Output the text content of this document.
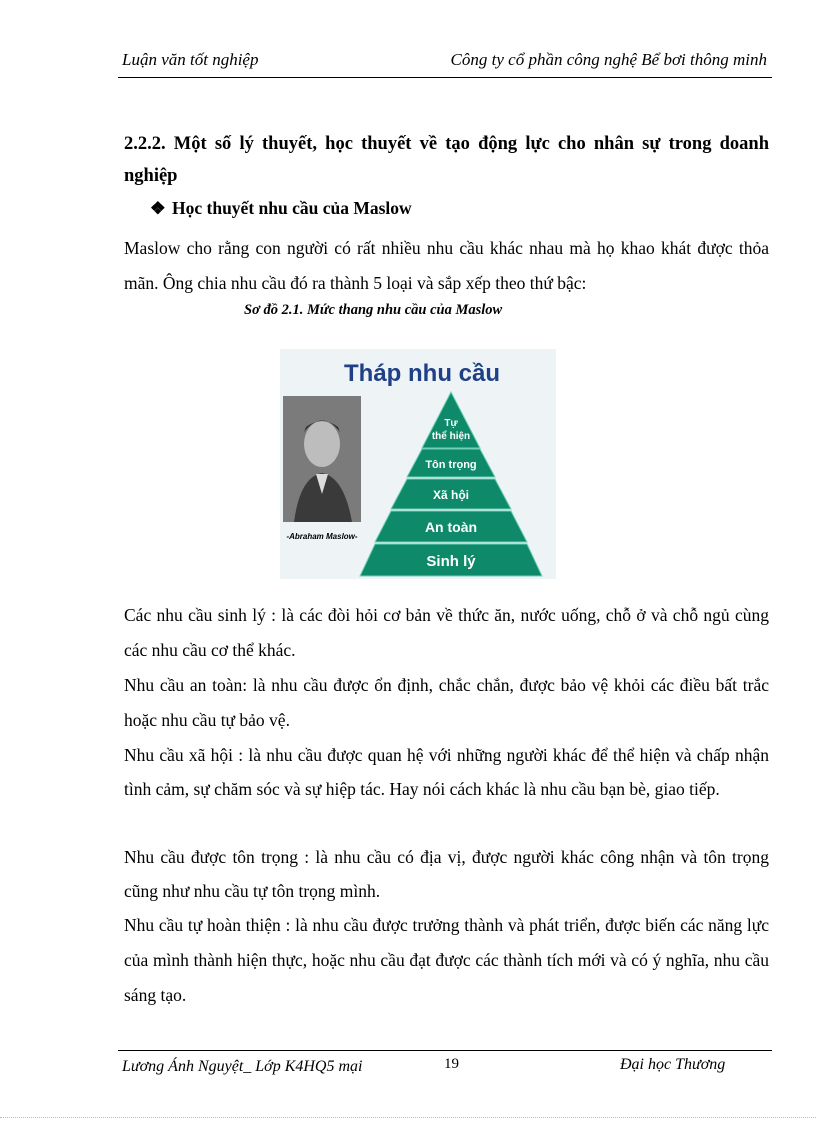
Luận văn tốt nghiệp	Công ty cổ phần công nghệ Bể bơi thông minh
2.2.2. Một số lý thuyết, học thuyết về tạo động lực cho nhân sự trong doanh nghiệp
❖ Học thuyết nhu cầu của Maslow
Maslow cho rằng con người có rất nhiều nhu cầu khác nhau mà họ khao khát được thỏa mãn. Ông chia nhu cầu đó ra thành 5 loại và sắp xếp theo thứ bậc:
Sơ đồ 2.1. Mức thang nhu cầu của Maslow
Tháp nhu cầu
-Abraham Maslow-
Tự
thể hiện
Tôn trọng
Xã hội
An toàn
Sinh lý
Các nhu cầu sinh lý : là các đòi hỏi cơ bản về thức ăn, nước uống, chỗ ở và chỗ ngủ cùng các nhu cầu cơ thể khác.
Nhu cầu an toàn: là nhu cầu được ổn định, chắc chắn, được bảo vệ khỏi các điều bất trắc hoặc nhu cầu tự bảo vệ.
Nhu cầu xã hội : là nhu cầu được quan hệ với những người khác để thể hiện và chấp nhận tình cảm, sự chăm sóc và sự hiệp tác. Hay nói cách khác là nhu cầu bạn bè, giao tiếp.
Nhu cầu được tôn trọng : là nhu cầu có địa vị, được người khác công nhận và tôn trọng cũng như nhu cầu tự tôn trọng mình.
Nhu cầu tự hoàn thiện : là nhu cầu được trưởng thành và phát triển, được biến các năng lực của mình thành hiện thực, hoặc nhu cầu đạt được các thành tích mới và có ý nghĩa, nhu cầu sáng tạo.
Lương Ánh Nguyệt_ Lớp K4HQ5 mại	19	Đại học Thương
